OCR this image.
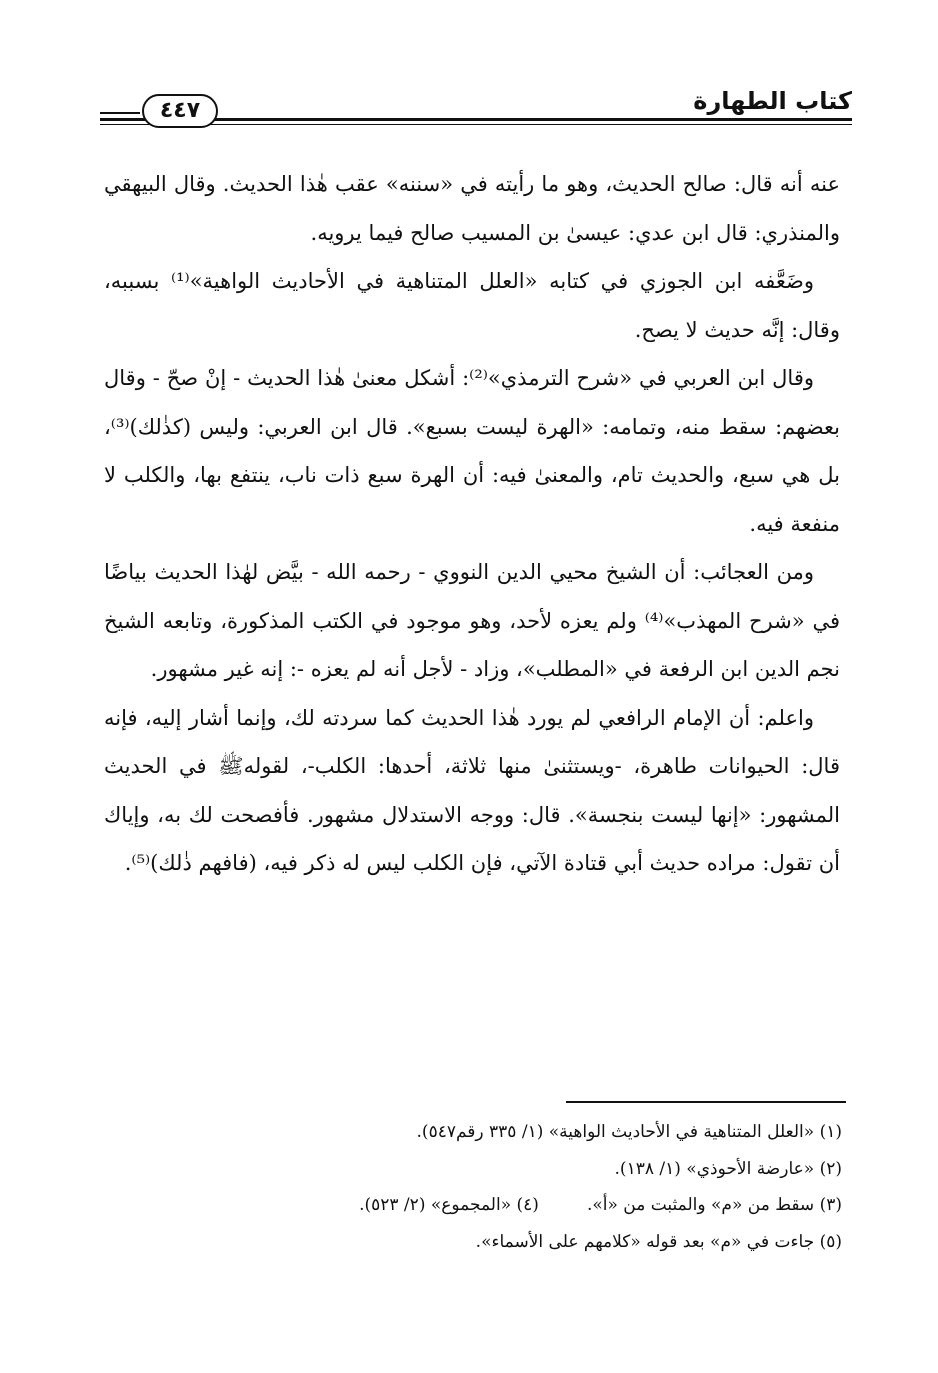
٤٤٧	كتاب الطهارة

عنه أنه قال: صالح الحديث، وهو ما رأيته في «سننه» عقب هٰذا الحديث. وقال البيهقي والمنذري: قال ابن عدي: عيسىٰ بن المسيب صالح فيما يرويه.

وضَعَّفه ابن الجوزي في كتابه «العلل المتناهية في الأحاديث الواهية»⁽¹⁾ بسببه، وقال: إنَّه حديث لا يصح.

وقال ابن العربي في «شرح الترمذي»⁽²⁾: أشكل معنىٰ هٰذا الحديث - إنْ صحّ - وقال بعضهم: سقط منه، وتمامه: «الهرة ليست بسبع». قال ابن العربي: وليس (كذٰلك)⁽³⁾، بل هي سبع، والحديث تام، والمعنىٰ فيه: أن الهرة سبع ذات ناب، ينتفع بها، والكلب لا منفعة فيه.

ومن العجائب: أن الشيخ محيي الدين النووي - رحمه الله - بيَّض لهٰذا الحديث بياضًا في «شرح المهذب»⁽⁴⁾ ولم يعزه لأحد، وهو موجود في الكتب المذكورة، وتابعه الشيخ نجم الدين ابن الرفعة في «المطلب»، وزاد - لأجل أنه لم يعزه -: إنه غير مشهور.

واعلم: أن الإمام الرافعي لم يورد هٰذا الحديث كما سردته لك، وإنما أشار إليه، فإنه قال: الحيوانات طاهرة، -ويستثنىٰ منها ثلاثة، أحدها: الكلب-، لقولهﷺ في الحديث المشهور: «إنها ليست بنجسة». قال: ووجه الاستدلال مشهور. فأفصحت لك به، وإياك أن تقول: مراده حديث أبي قتادة الآتي، فإن الكلب ليس له ذكر فيه، (فافهم ذٰلك)⁽⁵⁾.

(١) «العلل المتناهية في الأحاديث الواهية» (١/ ٣٣٥ رقم٥٤٧).
(٢) «عارضة الأحوذي» (١/ ١٣٨).
(٣) سقط من «م» والمثبت من «أ».
(٤) «المجموع» (٢/ ٥٢٣).
(٥) جاءت في «م» بعد قوله «كلامهم على الأسماء».
